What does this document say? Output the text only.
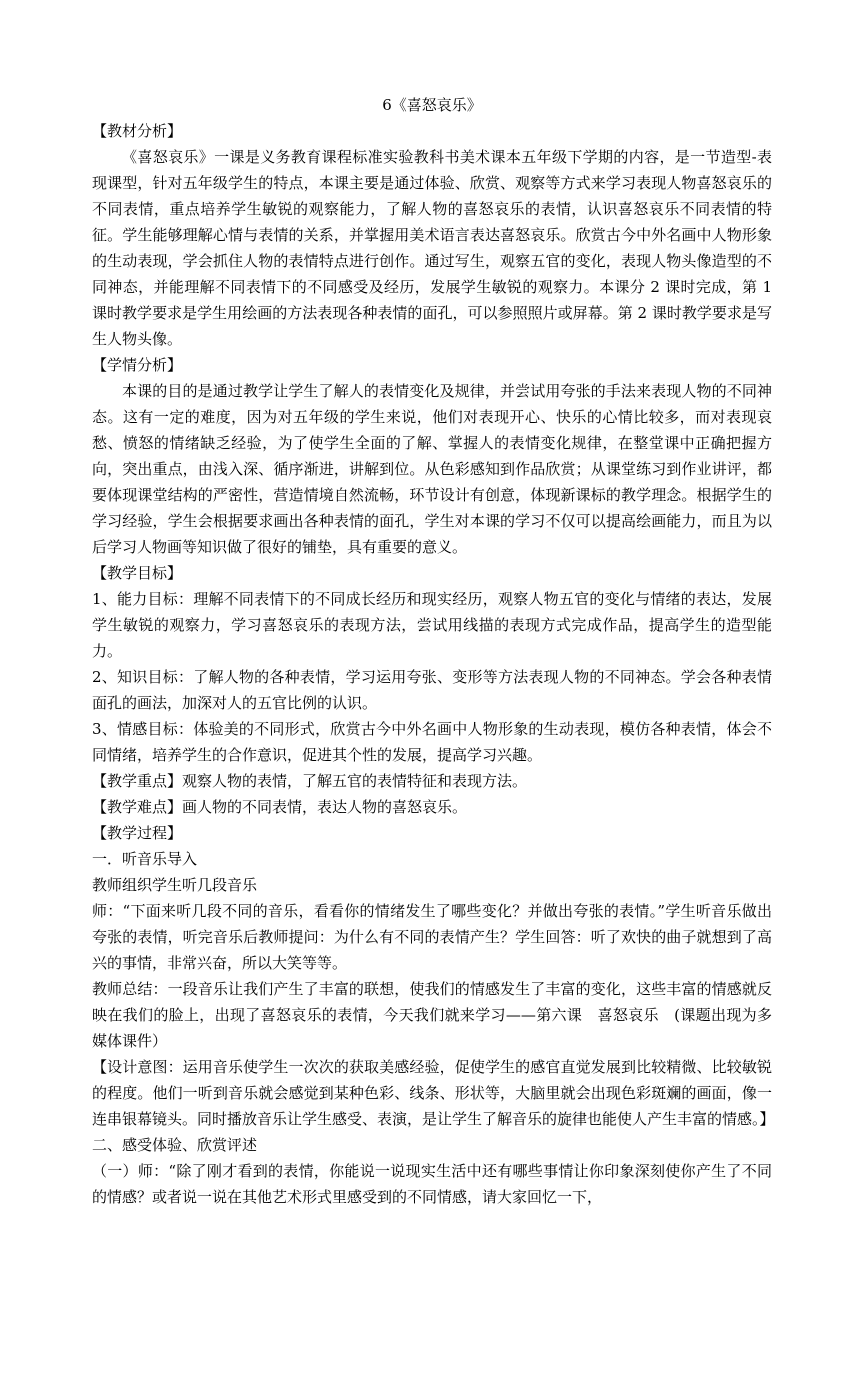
6《喜怒哀乐》

【教材分析】

《喜怒哀乐》一课是义务教育课程标准实验教科书美术课本五年级下学期的内容，是一节造型-表现课型，针对五年级学生的特点，本课主要是通过体验、欣赏、观察等方式来学习表现人物喜怒哀乐的不同表情，重点培养学生敏锐的观察能力，了解人物的喜怒哀乐的表情，认识喜怒哀乐不同表情的特征。学生能够理解心情与表情的关系，并掌握用美术语言表达喜怒哀乐。欣赏古今中外名画中人物形象的生动表现，学会抓住人物的表情特点进行创作。通过写生，观察五官的变化，表现人物头像造型的不同神态，并能理解不同表情下的不同感受及经历，发展学生敏锐的观察力。本课分 2 课时完成，第 1 课时教学要求是学生用绘画的方法表现各种表情的面孔，可以参照照片或屏幕。第 2 课时教学要求是写生人物头像。

【学情分析】

本课的目的是通过教学让学生了解人的表情变化及规律，并尝试用夸张的手法来表现人物的不同神态。这有一定的难度，因为对五年级的学生来说，他们对表现开心、快乐的心情比较多，而对表现哀愁、愤怒的情绪缺乏经验，为了使学生全面的了解、掌握人的表情变化规律，在整堂课中正确把握方向，突出重点，由浅入深、循序渐进，讲解到位。从色彩感知到作品欣赏；从课堂练习到作业讲评，都要体现课堂结构的严密性，营造情境自然流畅，环节设计有创意，体现新课标的教学理念。根据学生的学习经验，学生会根据要求画出各种表情的面孔，学生对本课的学习不仅可以提高绘画能力，而且为以后学习人物画等知识做了很好的铺垫，具有重要的意义。

【教学目标】

1、能力目标：理解不同表情下的不同成长经历和现实经历，观察人物五官的变化与情绪的表达，发展学生敏锐的观察力，学习喜怒哀乐的表现方法，尝试用线描的表现方式完成作品，提高学生的造型能力。

2、知识目标：了解人物的各种表情，学习运用夸张、变形等方法表现人物的不同神态。学会各种表情面孔的画法，加深对人的五官比例的认识。

3、情感目标：体验美的不同形式，欣赏古今中外名画中人物形象的生动表现，模仿各种表情，体会不同情绪，培养学生的合作意识，促进其个性的发展，提高学习兴趣。

【教学重点】观察人物的表情，了解五官的表情特征和表现方法。

【教学难点】画人物的不同表情，表达人物的喜怒哀乐。

【教学过程】

一．听音乐导入

教师组织学生听几段音乐

师：“下面来听几段不同的音乐，看看你的情绪发生了哪些变化？并做出夸张的表情。”学生听音乐做出夸张的表情，听完音乐后教师提问：为什么有不同的表情产生？学生回答：听了欢快的曲子就想到了高兴的事情，非常兴奋，所以大笑等等。

教师总结：一段音乐让我们产生了丰富的联想，使我们的情感发生了丰富的变化，这些丰富的情感就反映在我们的脸上，出现了喜怒哀乐的表情，今天我们就来学习——第六课　喜怒哀乐　(课题出现为多媒体课件）

【设计意图：运用音乐使学生一次次的获取美感经验，促使学生的感官直觉发展到比较精微、比较敏锐的程度。他们一听到音乐就会感觉到某种色彩、线条、形状等，大脑里就会出现色彩斑斓的画面，像一连串银幕镜头。同时播放音乐让学生感受、表演，是让学生了解音乐的旋律也能使人产生丰富的情感。】

二、感受体验、欣赏评述

（一）师：“除了刚才看到的表情，你能说一说现实生活中还有哪些事情让你印象深刻使你产生了不同的情感？或者说一说在其他艺术形式里感受到的不同情感，请大家回忆一下，
